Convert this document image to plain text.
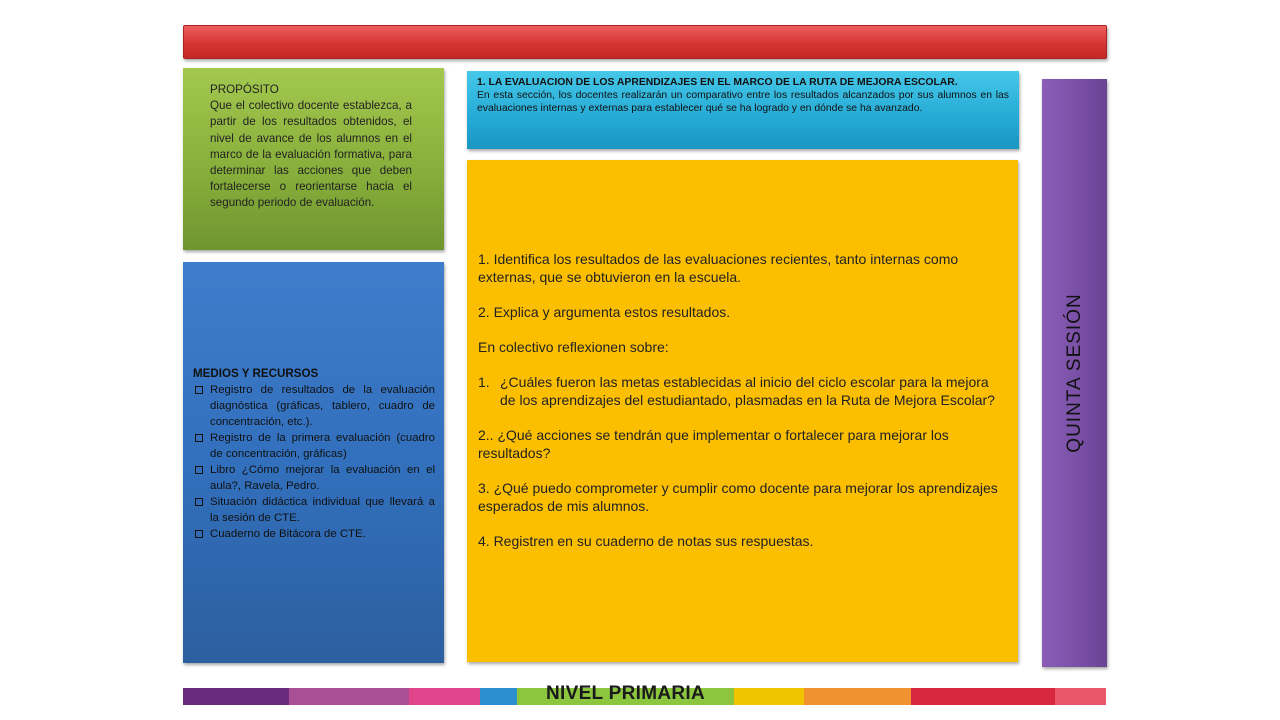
PROPÓSITO
Que el colectivo docente establezca, a partir de los resultados obtenidos, el nivel de avance de los alumnos en el marco de la evaluación formativa, para determinar las acciones que deben fortalecerse o reorientarse hacia el segundo periodo de evaluación.
MEDIOS Y RECURSOS
Registro de resultados de la evaluación diagnóstica (gráficas, tablero, cuadro de concentración, etc.).
Registro de la primera evaluación (cuadro de concentración, gráficas)
Libro ¿Cómo mejorar la evaluación en el aula?, Ravela, Pedro.
Situación didáctica individual que llevará a la sesión de CTE.
Cuaderno de Bitácora de CTE.
1. LA EVALUACION DE LOS APRENDIZAJES EN EL MARCO DE LA RUTA DE MEJORA ESCOLAR.
En esta sección, los docentes realizarán un comparativo entre los resultados alcanzados por sus alumnos en las evaluaciones internas y externas para establecer qué se ha logrado y en dónde se ha avanzado.

1. Identifica los resultados de las evaluaciones recientes, tanto internas como externas, que se obtuvieron en la escuela.

2. Explica y argumenta estos resultados.

En colectivo reflexionen sobre:

1. ¿Cuáles fueron las metas establecidas al inicio del ciclo escolar para la mejora de los aprendizajes del estudiantado, plasmadas en la Ruta de Mejora Escolar?

2.. ¿Qué acciones se tendrán que implementar o fortalecer para mejorar los resultados?

3. ¿Qué puedo comprometer y cumplir como docente para mejorar los aprendizajes esperados de mis alumnos.

4. Registren en su cuaderno de notas sus respuestas.

QUINTA SESIÓN
NIVEL PRIMARIA
